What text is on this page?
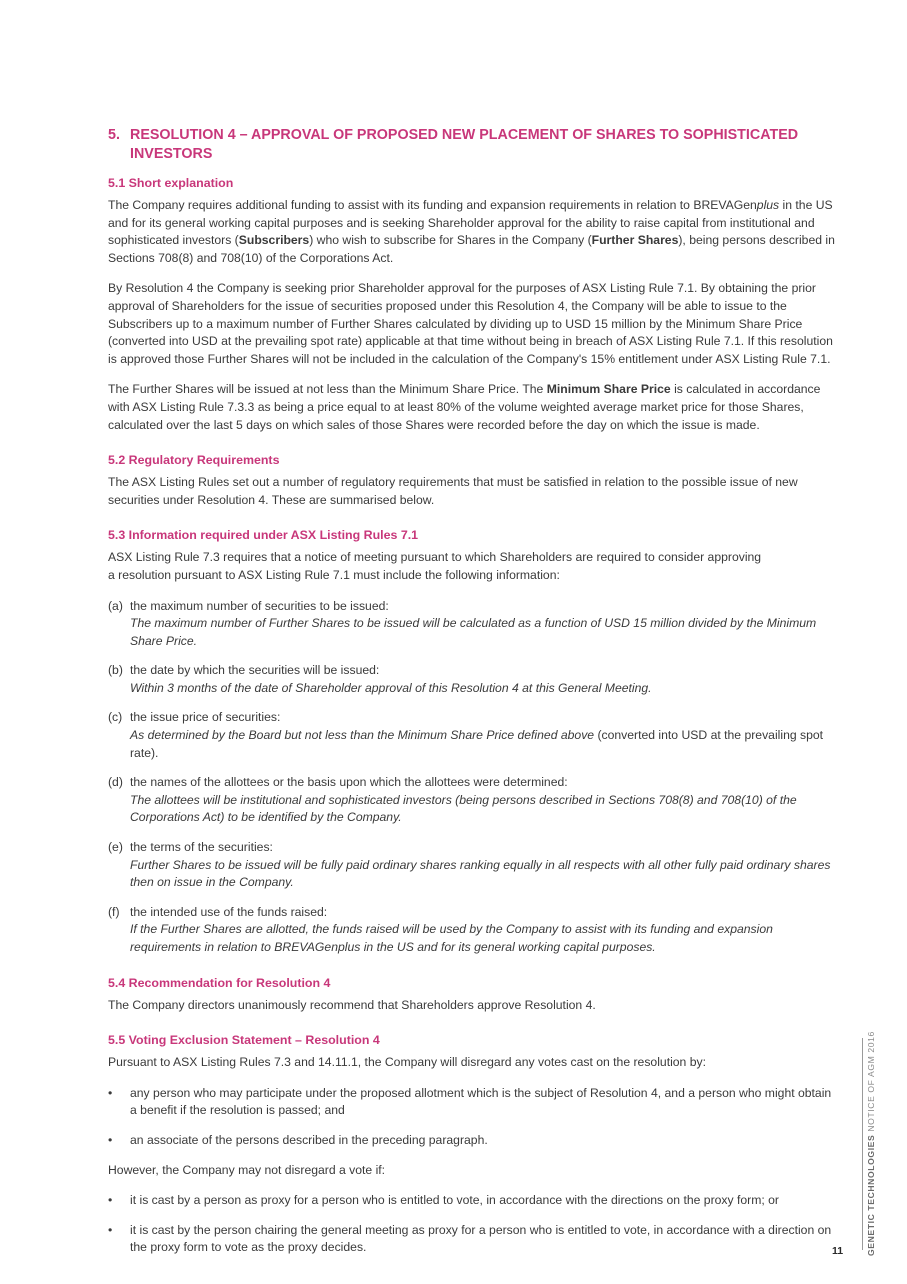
5. RESOLUTION 4 – APPROVAL OF PROPOSED NEW PLACEMENT OF SHARES TO SOPHISTICATED INVESTORS
5.1 Short explanation

The Company requires additional funding to assist with its funding and expansion requirements in relation to BREVAGenplus in the US and for its general working capital purposes and is seeking Shareholder approval for the ability to raise capital from institutional and sophisticated investors (Subscribers) who wish to subscribe for Shares in the Company (Further Shares), being persons described in Sections 708(8) and 708(10) of the Corporations Act.

By Resolution 4 the Company is seeking prior Shareholder approval for the purposes of ASX Listing Rule 7.1. By obtaining the prior approval of Shareholders for the issue of securities proposed under this Resolution 4, the Company will be able to issue to the Subscribers up to a maximum number of Further Shares calculated by dividing up to USD 15 million by the Minimum Share Price (converted into USD at the prevailing spot rate) applicable at that time without being in breach of ASX Listing Rule 7.1. If this resolution is approved those Further Shares will not be included in the calculation of the Company's 15% entitlement under ASX Listing Rule 7.1.

The Further Shares will be issued at not less than the Minimum Share Price. The Minimum Share Price is calculated in accordance with ASX Listing Rule 7.3.3 as being a price equal to at least 80% of the volume weighted average market price for those Shares, calculated over the last 5 days on which sales of those Shares were recorded before the day on which the issue is made.

5.2 Regulatory Requirements

The ASX Listing Rules set out a number of regulatory requirements that must be satisfied in relation to the possible issue of new securities under Resolution 4. These are summarised below.

5.3 Information required under ASX Listing Rules 7.1

ASX Listing Rule 7.3 requires that a notice of meeting pursuant to which Shareholders are required to consider approving
a resolution pursuant to ASX Listing Rule 7.1 must include the following information:

(a) the maximum number of securities to be issued:
The maximum number of Further Shares to be issued will be calculated as a function of USD 15 million divided by the Minimum Share Price.
(b) the date by which the securities will be issued:
Within 3 months of the date of Shareholder approval of this Resolution 4 at this General Meeting.
(c) the issue price of securities:
As determined by the Board but not less than the Minimum Share Price defined above (converted into USD at the prevailing spot rate).
(d) the names of the allottees or the basis upon which the allottees were determined:
The allottees will be institutional and sophisticated investors (being persons described in Sections 708(8) and 708(10) of the Corporations Act) to be identified by the Company.
(e) the terms of the securities:
Further Shares to be issued will be fully paid ordinary shares ranking equally in all respects with all other fully paid ordinary shares then on issue in the Company.
(f) the intended use of the funds raised:
If the Further Shares are allotted, the funds raised will be used by the Company to assist with its funding and expansion requirements in relation to BREVAGenplus in the US and for its general working capital purposes.
5.4 Recommendation for Resolution 4

The Company directors unanimously recommend that Shareholders approve Resolution 4.

5.5 Voting Exclusion Statement – Resolution 4

Pursuant to ASX Listing Rules 7.3 and 14.11.1, the Company will disregard any votes cast on the resolution by:

•	any person who may participate under the proposed allotment which is the subject of Resolution 4, and a person who might obtain a benefit if the resolution is passed; and
•	an associate of the persons described in the preceding paragraph.

However, the Company may not disregard a vote if:

•	it is cast by a person as proxy for a person who is entitled to vote, in accordance with the directions on the proxy form; or
•	it is cast by the person chairing the general meeting as proxy for a person who is entitled to vote, in accordance with a direction on the proxy form to vote as the proxy decides.	GENETIC TECHNOLOGIES NOTICE OF AGM 2016
11
